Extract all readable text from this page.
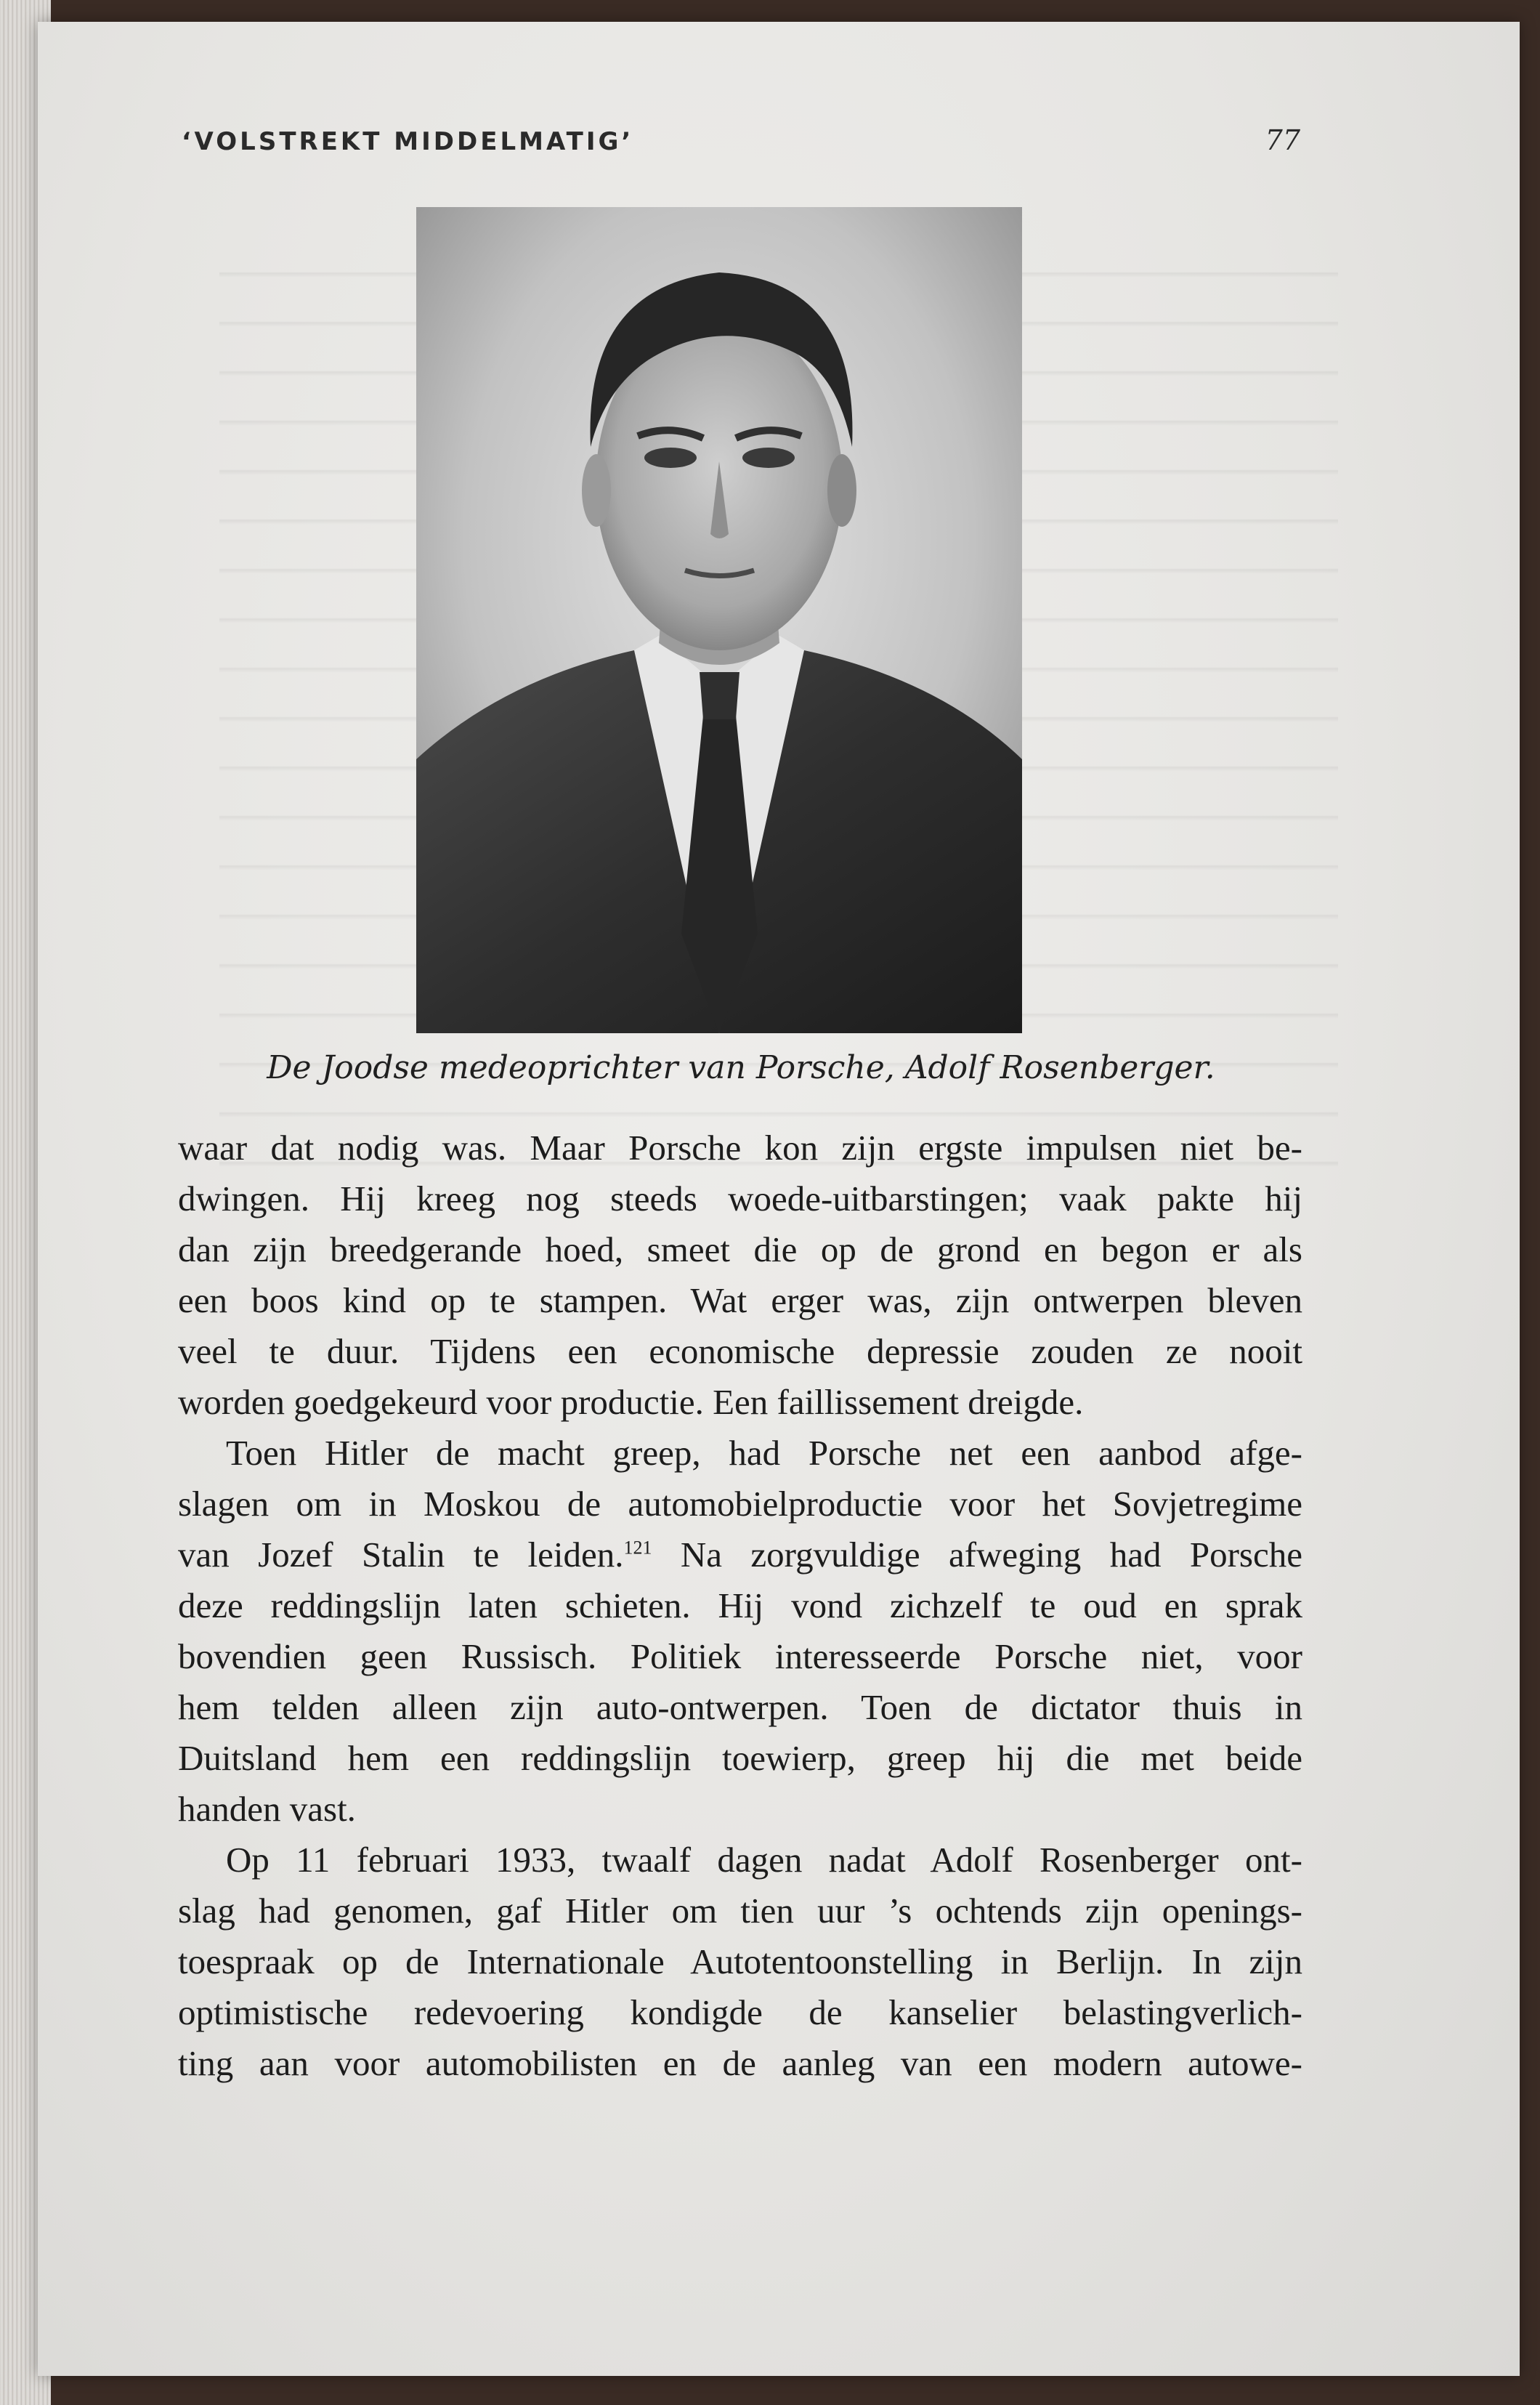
‘VOLSTREKT MIDDELMATIG’	77
De Joodse medeoprichter van Porsche, Adolf Rosenberger.
waar dat nodig was. Maar Porsche kon zijn ergste impulsen niet be-
dwingen. Hij kreeg nog steeds woede-uitbarstingen; vaak pakte hij
dan zijn breedgerande hoed, smeet die op de grond en begon er als
een boos kind op te stampen. Wat erger was, zijn ontwerpen bleven
veel te duur. Tijdens een economische depressie zouden ze nooit
worden goedgekeurd voor productie. Een faillissement dreigde.
Toen Hitler de macht greep, had Porsche net een aanbod afge-
slagen om in Moskou de automobielproductie voor het Sovjetregime
van Jozef Stalin te leiden.$^{121}$ Na zorgvuldige afweging had Porsche
deze reddingslijn laten schieten. Hij vond zichzelf te oud en sprak
bovendien geen Russisch. Politiek interesseerde Porsche niet, voor
hem telden alleen zijn auto-ontwerpen. Toen de dictator thuis in
Duitsland hem een reddingslijn toewierp, greep hij die met beide
handen vast.
Op 11 februari 1933, twaalf dagen nadat Adolf Rosenberger ont-
slag had genomen, gaf Hitler om tien uur ’s ochtends zijn openings-
toespraak op de Internationale Autotentoonstelling in Berlijn. In zijn
optimistische redevoering kondigde de kanselier belastingverlich-
ting aan voor automobilisten en de aanleg van een modern autowe-
